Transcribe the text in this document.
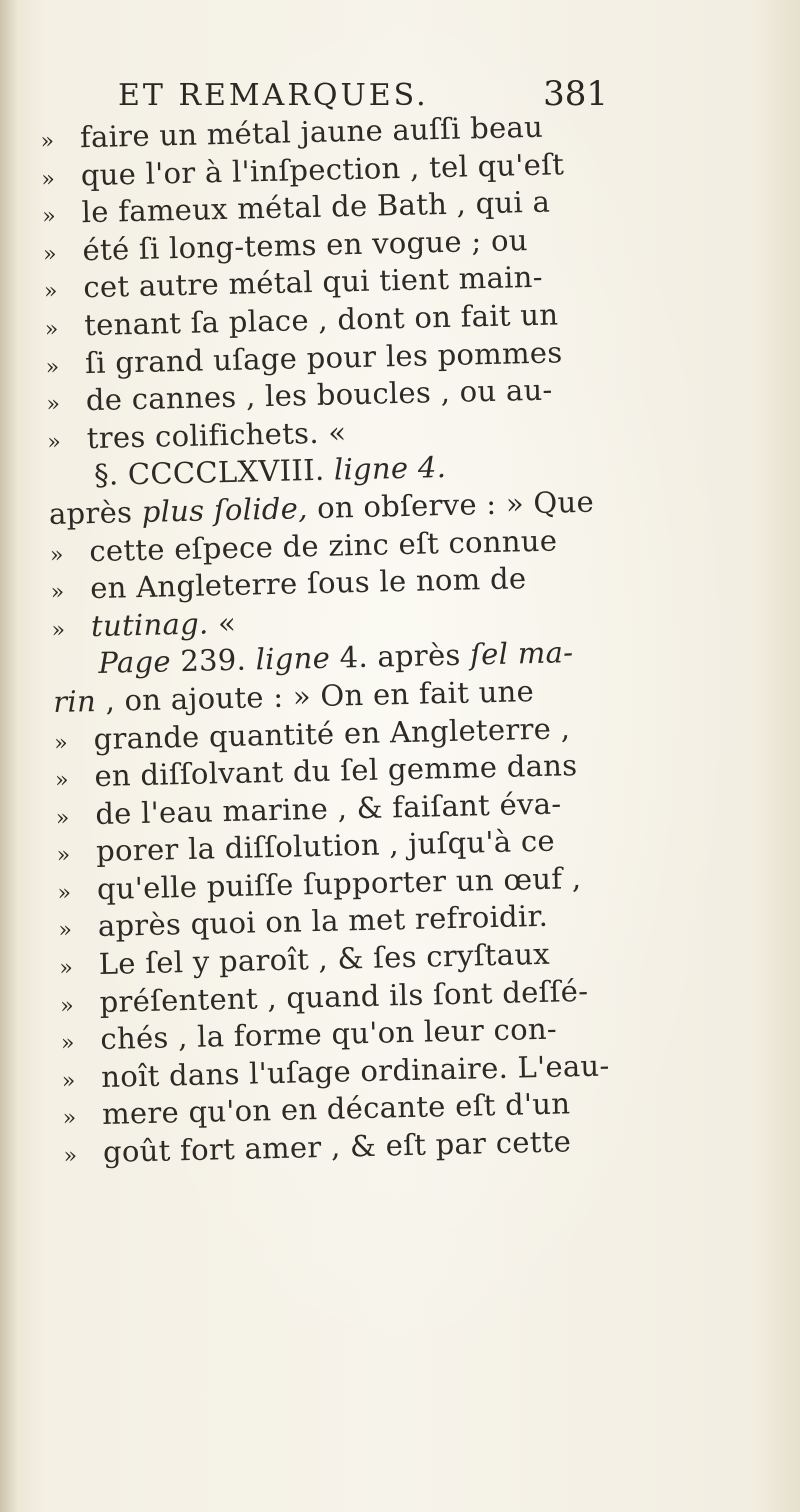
ET REMARQUES.	381
» faire un métal jaune auſſi beau
» que l'or à l'inſpection , tel qu'eſt
» le fameux métal de Bath , qui a
» été ſi long-tems en vogue ; ou
» cet autre métal qui tient main-
» tenant ſa place , dont on fait un
» ſi grand uſage pour les pommes
» de cannes , les boucles , ou au-
» tres colifichets. «
§. CCCCLXVIII. ligne 4.
après plus ſolide, on obſerve : » Que
» cette eſpece de zinc eſt connue
» en Angleterre ſous le nom de
» tutinag. «
Page 239. ligne 4. après ſel ma-
rin , on ajoute : » On en fait une
» grande quantité en Angleterre ,
» en diſſolvant du ſel gemme dans
» de l'eau marine , & faiſant éva-
» porer la diſſolution , juſqu'à ce
» qu'elle puiſſe ſupporter un œuf ,
» après quoi on la met refroidir.
» Le ſel y paroît , & ſes cryſtaux
» préſentent , quand ils ſont deſſé-
» chés , la forme qu'on leur con-
» noît dans l'uſage ordinaire. L'eau-
» mere qu'on en décante eſt d'un
» goût fort amer , & eſt par cette
